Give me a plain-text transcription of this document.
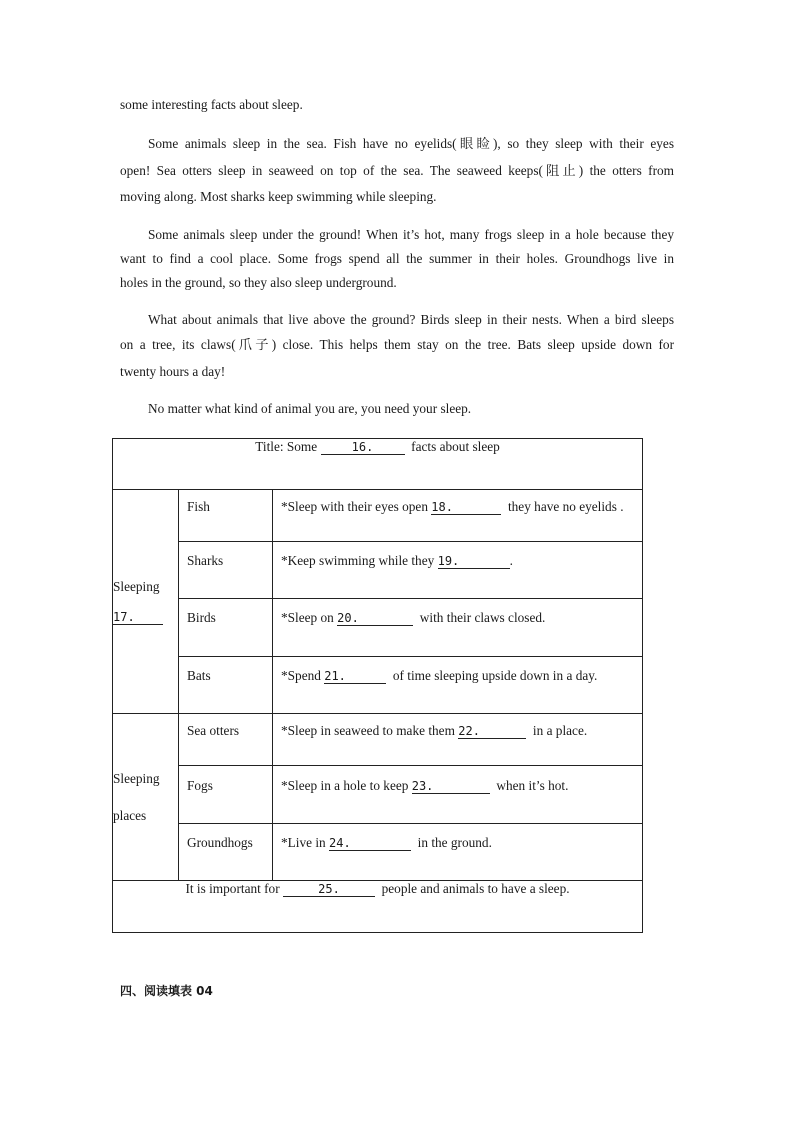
some interesting facts about sleep.
Some animals sleep in the sea. Fish have no eyelids(眼睑), so they sleep with their eyes
open! Sea otters sleep in seaweed on top of the sea. The seaweed keeps(阻止) the otters from
moving along. Most sharks keep swimming while sleeping.
Some animals sleep under the ground! When it’s hot, many frogs sleep in a hole because they
want to find a cool place. Some frogs spend all the summer in their holes. Groundhogs live in
holes in the ground, so they also sleep underground.
What about animals that live above the ground? Birds sleep in their nests. When a bird sleeps
on a tree, its claws(爪子) close. This helps them stay on the tree. Bats sleep upside down for
twenty hours a day!
No matter what kind of animal you are, you need your sleep.
Title: Some 16. facts about sleep		

Sleeping
17.	Fish	*Sleep with their eyes open 18. they have no eyelids .

	Sharks	*Keep swimming while they 19. .

	Birds	*Sleep on 20. with their claws closed.

	Bats	*Spend 21. of time sleeping upside down in a day.

Sleeping
places	Sea otters	*Sleep in seaweed to make them 22. in a place.

	Fogs	*Sleep in a hole to keep 23. when it’s hot.

	Groundhogs	*Live in 24. in the ground.

It is important for 25. people and animals to have a sleep.		
四、阅读填表 04
